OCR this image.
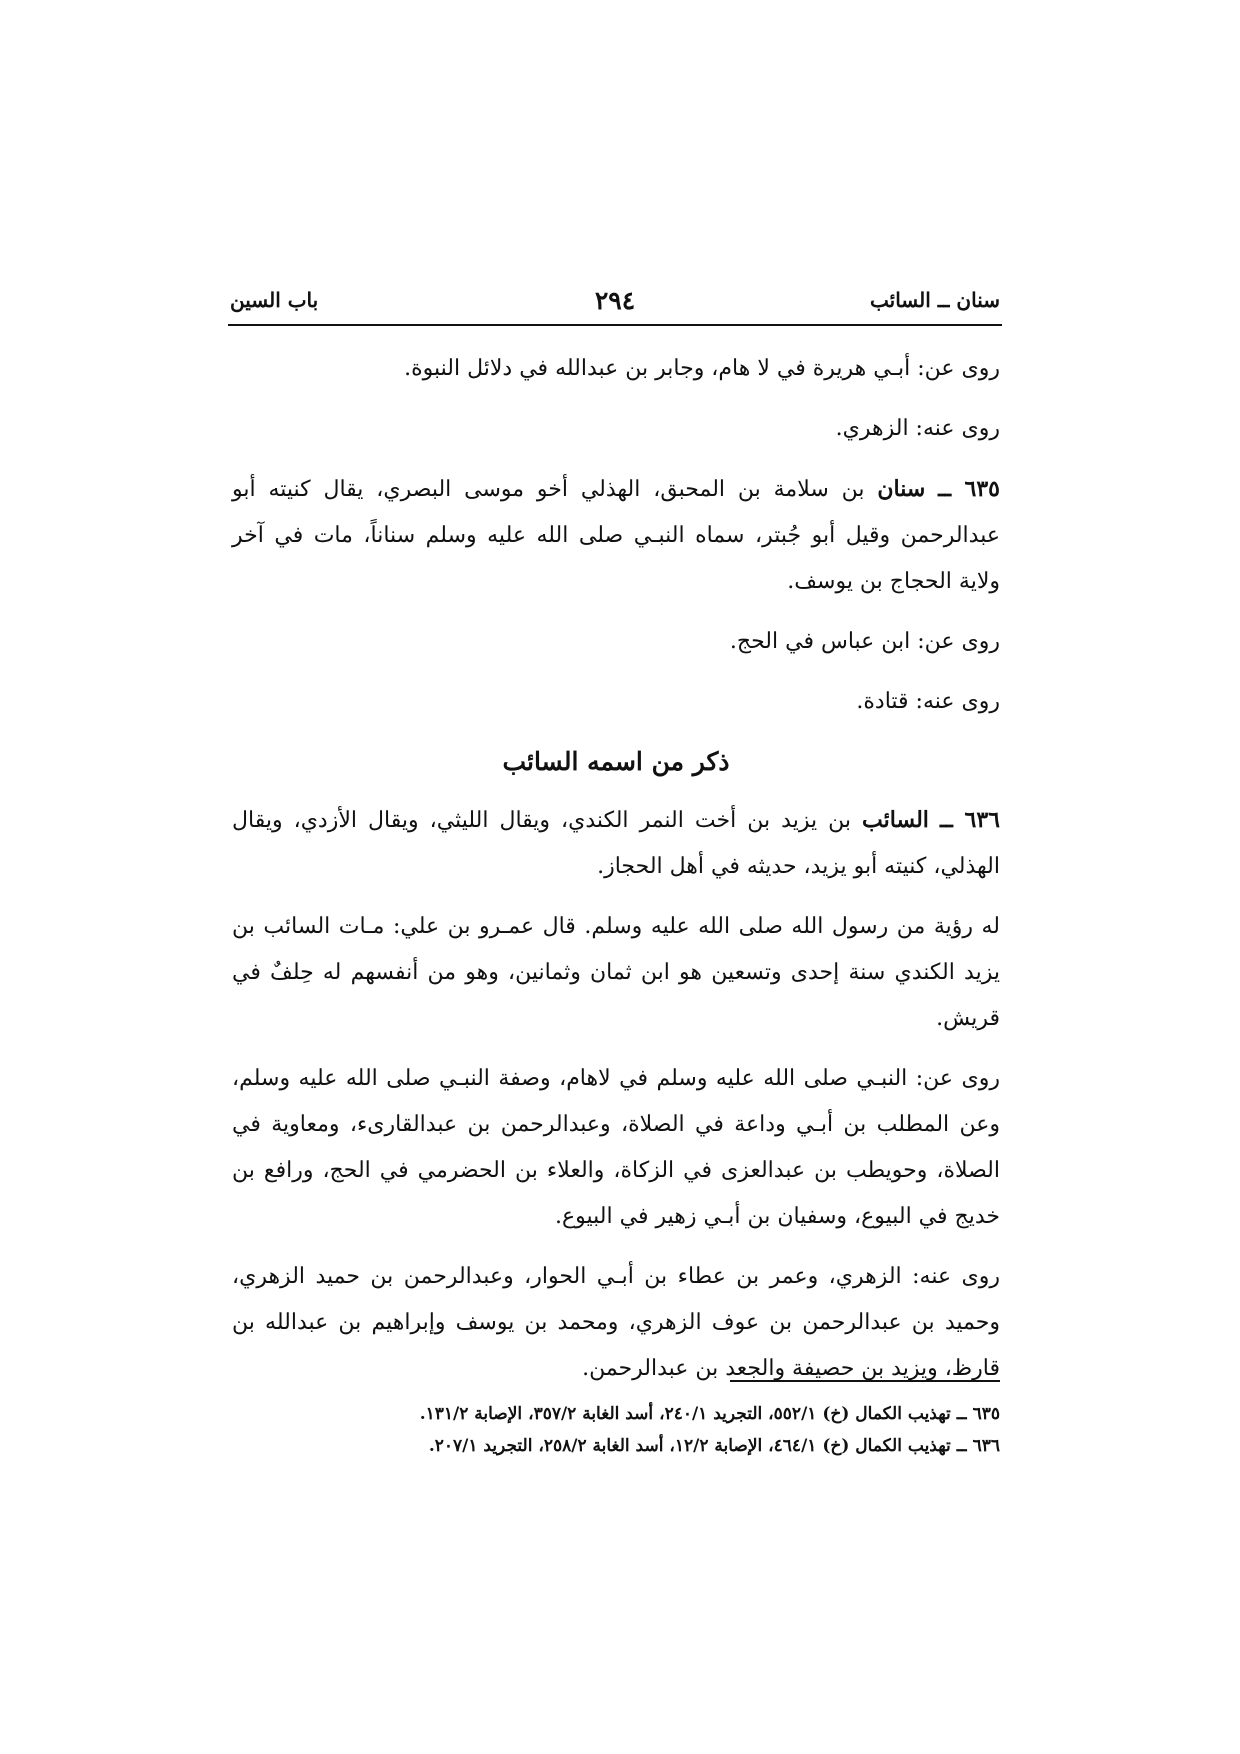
سنان ــ السائب
٢٩٤
باب السين

روى عن: أبـي هريرة في لا هام، وجابر بن عبدالله في دلائل النبوة.

روى عنه: الزهري.

٦٣٥ ــ سنان بن سلامة بن المحبق، الهذلي أخو موسى البصري، يقال كنيته أبو عبدالرحمن وقيل أبو جُبتر، سماه النبـي صلى الله عليه وسلم سناناً، مات في آخر ولاية الحجاج بن يوسف.

روى عن: ابن عباس في الحج.

روى عنه: قتادة.

ذكر من اسمه السائب

٦٣٦ ــ السائب بن يزيد بن أخت النمر الكندي، ويقال الليثي، ويقال الأزدي، ويقال الهذلي، كنيته أبو يزيد، حديثه في أهل الحجاز.

له رؤية من رسول الله صلى الله عليه وسلم. قال عمـرو بن علي: مـات السائب بن يزيد الكندي سنة إحدى وتسعين هو ابن ثمان وثمانين، وهو من أنفسهم له حِلفٌ في قريش.

روى عن: النبـي صلى الله عليه وسلم في لاهام، وصفة النبـي صلى الله عليه وسلم، وعن المطلب بن أبـي وداعة في الصلاة، وعبدالرحمن بن عبدالقارىء، ومعاوية في الصلاة، وحويطب بن عبدالعزى في الزكاة، والعلاء بن الحضرمي في الحج، ورافع بن خديج في البيوع، وسفيان بن أبـي زهير في البيوع.

روى عنه: الزهري، وعمر بن عطاء بن أبـي الحوار، وعبدالرحمن بن حميد الزهري، وحميد بن عبدالرحمن بن عوف الزهري، ومحمد بن يوسف وإبراهيم بن عبدالله بن قارظ، ويزيد بن حصيفة والجعد بن عبدالرحمن.

٦٣٥ ــ تهذيب الكمال (خ) ٥٥٢/١، التجريد ٢٤٠/١، أسد الغابة ٣٥٧/٢، الإصابة ١٣١/٢.

٦٣٦ ــ تهذيب الكمال (خ) ٤٦٤/١، الإصابة ١٢/٢، أسد الغابة ٢٥٨/٢، التجريد ٢٠٧/١.
